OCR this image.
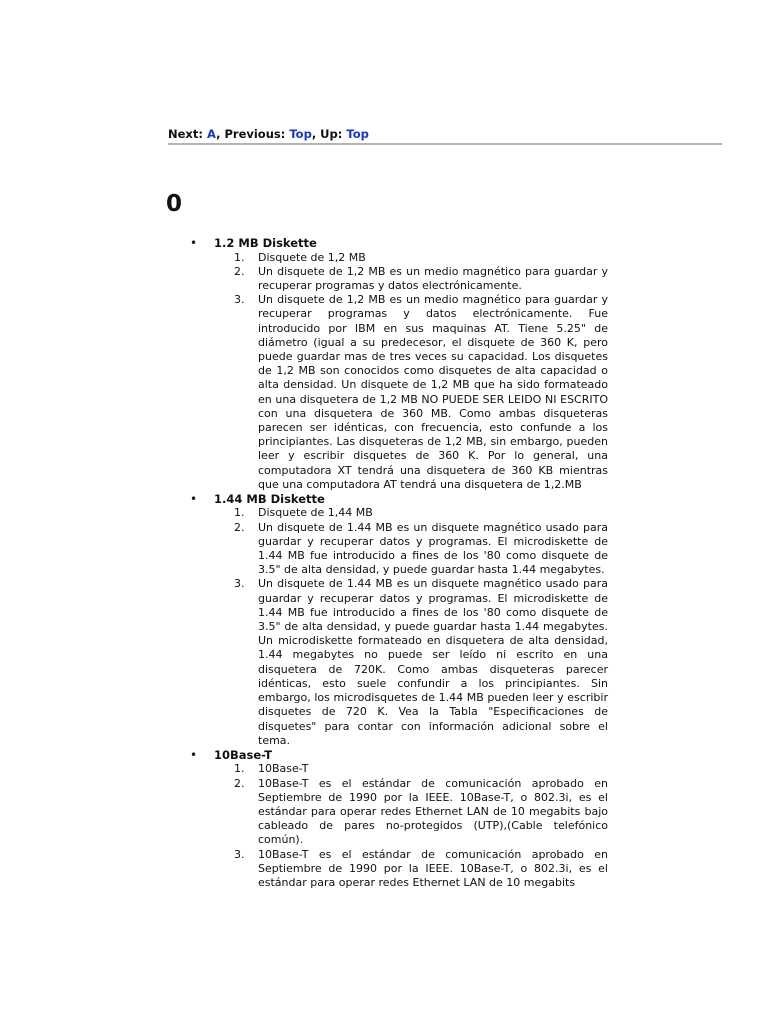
Next: A, Previous: Top, Up: Top
0
• 1.2 MB Diskette
1. Disquete de 1,2 MB
2. Un disquete de 1,2 MB es un medio magnético para guardar y recuperar programas y datos electrónicamente.
3. Un disquete de 1,2 MB es un medio magnético para guardar y recuperar programas y datos electrónicamente. Fue introducido por IBM en sus maquinas AT. Tiene 5.25" de diámetro (igual a su predecesor, el disquete de 360 K, pero puede guardar mas de tres veces su capacidad. Los disquetes de 1,2 MB son conocidos como disquetes de alta capacidad o alta densidad. Un disquete de 1,2 MB que ha sido formateado en una disquetera de 1,2 MB NO PUEDE SER LEIDO NI ESCRITO con una disquetera de 360 MB. Como ambas disqueteras parecen ser idénticas, con frecuencia, esto confunde a los principiantes. Las disqueteras de 1,2 MB, sin embargo, pueden leer y escribir disquetes de 360 K. Por lo general, una computadora XT tendrá una disquetera de 360 KB mientras que una computadora AT tendrá una disquetera de 1,2.MB
• 1.44 MB Diskette
1. Disquete de 1,44 MB
2. Un disquete de 1.44 MB es un disquete magnético usado para guardar y recuperar datos y programas. El microdiskette de 1.44 MB fue introducido a fines de los '80 como disquete de 3.5" de alta densidad, y puede guardar hasta 1.44 megabytes.
3. Un disquete de 1.44 MB es un disquete magnético usado para guardar y recuperar datos y programas. El microdiskette de 1.44 MB fue introducido a fines de los '80 como disquete de 3.5" de alta densidad, y puede guardar hasta 1.44 megabytes. Un microdiskette formateado en disquetera de alta densidad, 1.44 megabytes no puede ser leído ni escrito en una disquetera de 720K. Como ambas disqueteras parecer idénticas, esto suele confundir a los principiantes. Sin embargo, los microdisquetes de 1.44 MB pueden leer y escribir disquetes de 720 K. Vea la Tabla "Especificaciones de disquetes" para contar con información adicional sobre el tema.
• 10Base-T
1. 10Base-T
2. 10Base-T es el estándar de comunicación aprobado en Septiembre de 1990 por la IEEE. 10Base-T, o 802.3i, es el estándar para operar redes Ethernet LAN de 10 megabits bajo cableado de pares no-protegidos (UTP),(Cable telefónico común).
3. 10Base-T es el estándar de comunicación aprobado en Septiembre de 1990 por la IEEE. 10Base-T, o 802.3i, es el estándar para operar redes Ethernet LAN de 10 megabits
